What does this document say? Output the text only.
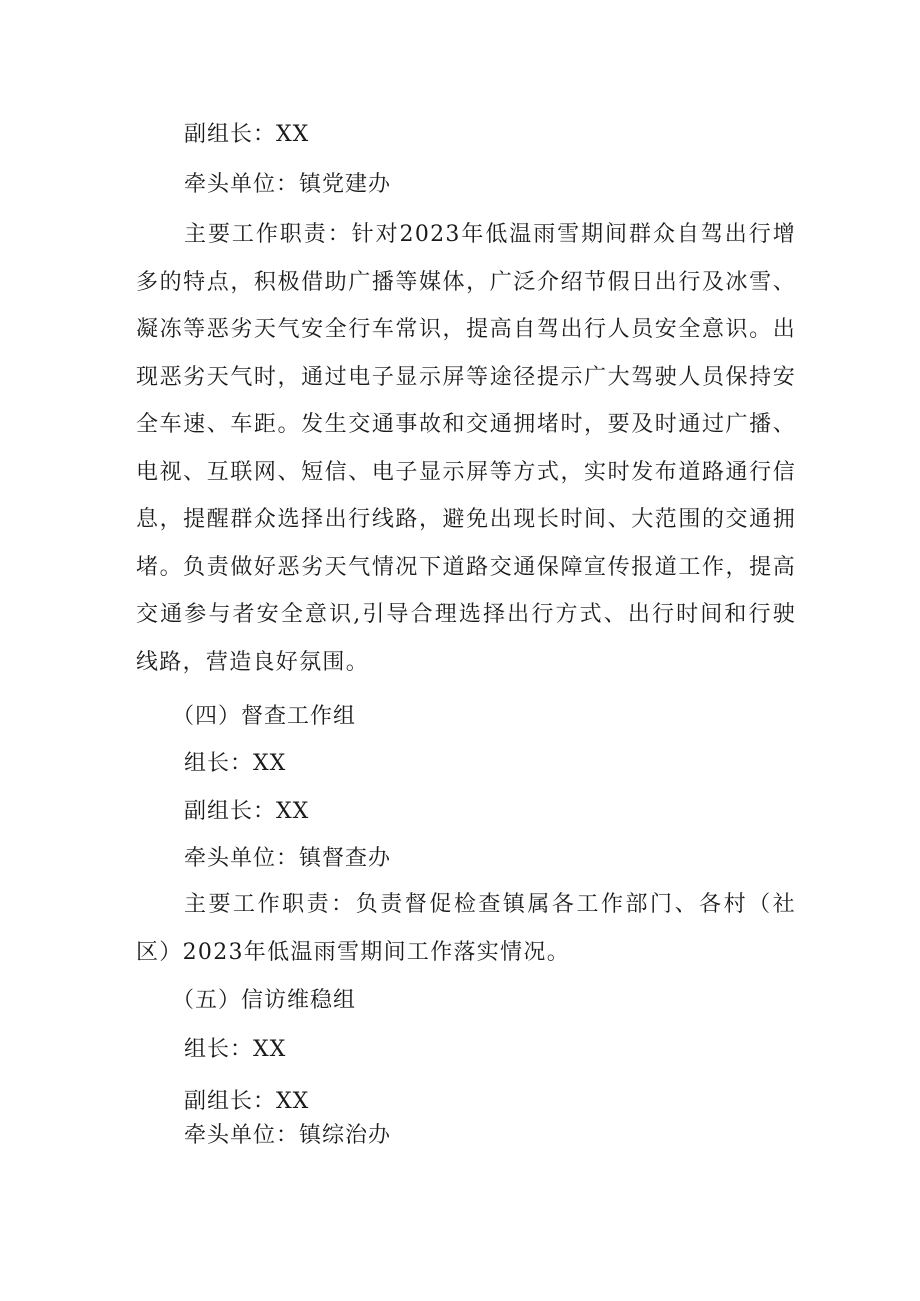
副组长：XX
牵头单位：镇党建办
主要工作职责：针对2023年低温雨雪期间群众自驾出行增多的特点，积极借助广播等媒体，广泛介绍节假日出行及冰雪、凝冻等恶劣天气安全行车常识，提高自驾出行人员安全意识。出现恶劣天气时，通过电子显示屏等途径提示广大驾驶人员保持安全车速、车距。发生交通事故和交通拥堵时，要及时通过广播、电视、互联网、短信、电子显示屏等方式，实时发布道路通行信息，提醒群众选择出行线路，避免出现长时间、大范围的交通拥堵。负责做好恶劣天气情况下道路交通保障宣传报道工作，提高交通参与者安全意识,引导合理选择出行方式、出行时间和行驶线路，营造良好氛围。
（四）督查工作组
组长：XX
副组长：XX
牵头单位：镇督查办
主要工作职责：负责督促检查镇属各工作部门、各村（社区）2023年低温雨雪期间工作落实情况。
（五）信访维稳组
组长：XX
副组长：XX
牵头单位：镇综治办
